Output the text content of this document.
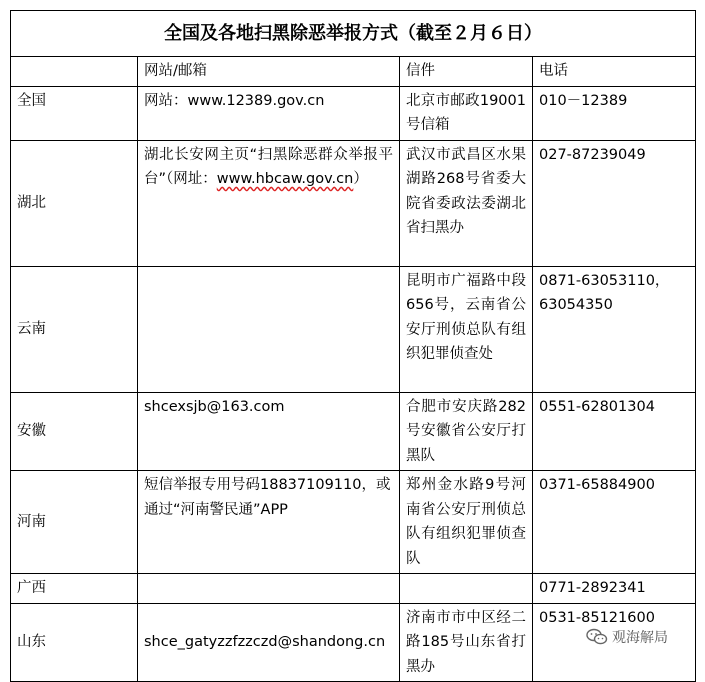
全国及各地扫黑除恶举报方式（截至２月６日）			
	网站/邮箱	信件	电话
全国	网站：www.12389.gov.cn	北京市邮政19001号信箱	010－12389
湖北	湖北长安网主页“扫黑除恶群众举报平台”（网址：www.hbcaw.gov.cn）	武汉市武昌区水果湖路268号省委大院省委政法委湖北省扫黑办	027-87239049
云南		昆明市广福路中段656号，云南省公安厅刑侦总队有组织犯罪侦查处	0871-63053110，63054350
安徽	shcexsjb@163.com	合肥市安庆路282号安徽省公安厅打黑队	0551-62801304
河南	短信举报专用号码18837109110，或通过“河南警民通”APP	郑州金水路9号河南省公安厅刑侦总队有组织犯罪侦查队	0371-65884900
广西			0771-2892341
山东	shce_gatyzzfzzczd@shandong.cn	济南市市中区经二路185号山东省打黑办	0531-85121600
观海解局
